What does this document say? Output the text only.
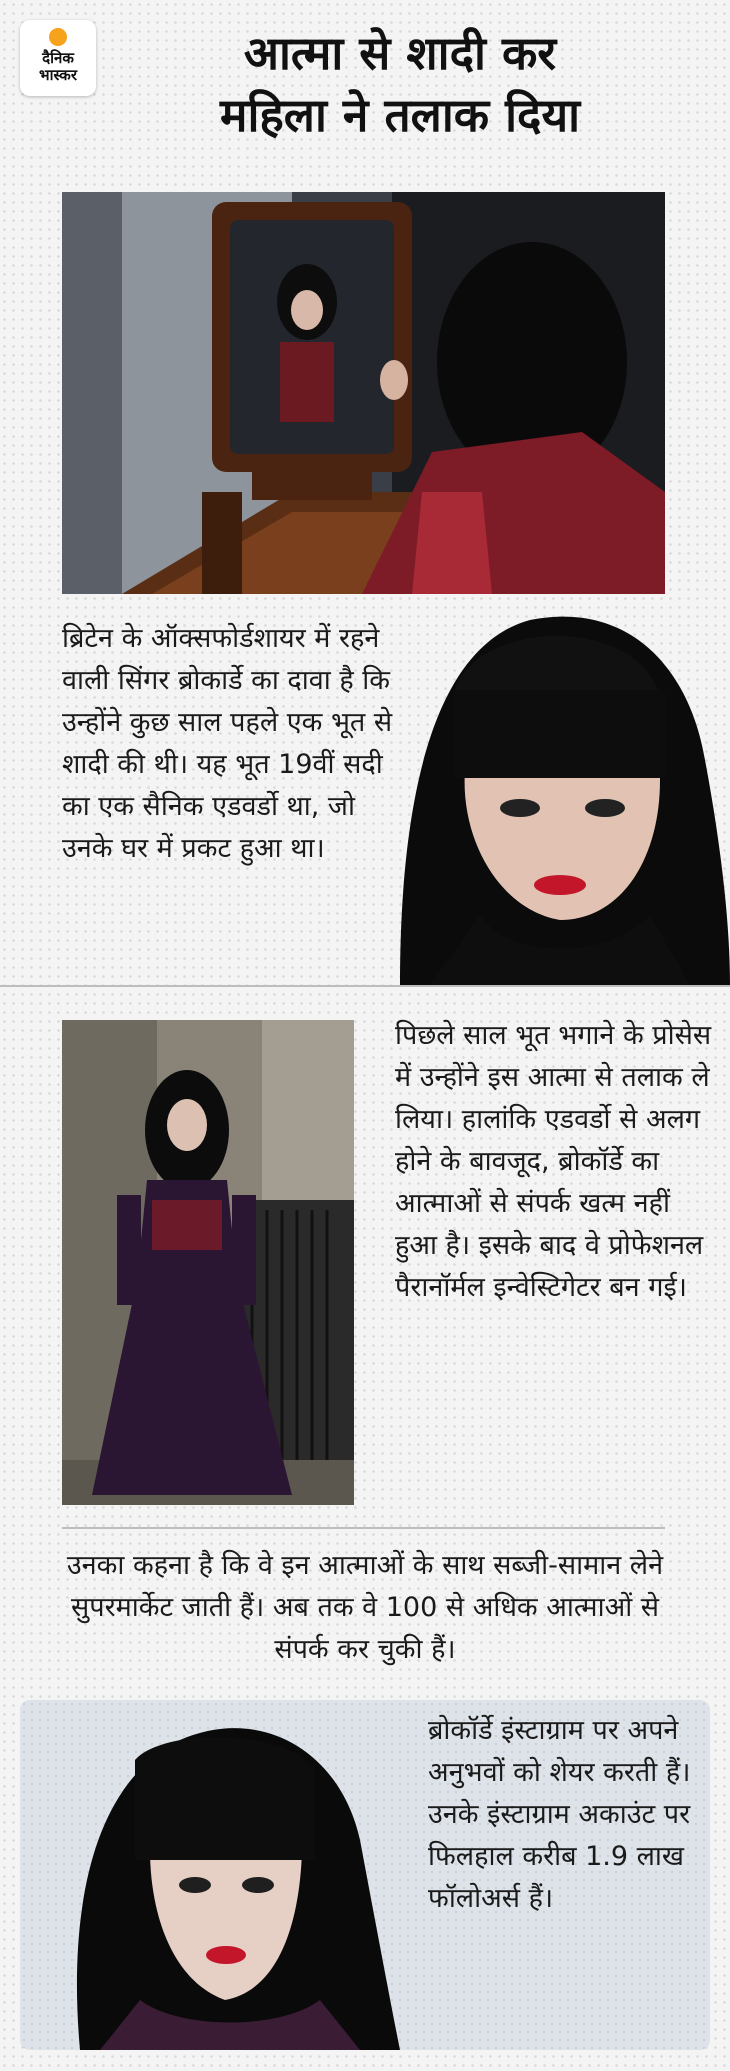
दैनिक
भास्कर	आत्मा से शादी कर
महिला ने तलाक दिया
ब्रिटेन के ऑक्सफोर्डशायर में रहने वाली सिंगर ब्रोकार्डे का दावा है कि उन्होंने कुछ साल पहले एक भूत से शादी की थी। यह भूत 19वीं सदी का एक सैनिक एडवर्डो था, जो उनके घर में प्रकट हुआ था।
पिछले साल भूत भगाने के प्रोसेस में उन्होंने इस आत्मा से तलाक ले लिया। हालांकि एडवर्डो से अलग होने के बावजूद, ब्रोकॉर्डे का आत्माओं से संपर्क खत्म नहीं हुआ है। इसके बाद वे प्रोफेशनल पैरानॉर्मल इन्वेस्टिगेटर बन गई।
उनका कहना है कि वे इन आत्माओं के साथ सब्जी-सामान लेने सुपरमार्केट जाती हैं। अब तक वे 100 से अधिक आत्माओं से संपर्क कर चुकी हैं।
ब्रोकॉर्डे इंस्टाग्राम पर अपने अनुभवों को शेयर करती हैं। उनके इंस्टाग्राम अकाउंट पर फिलहाल करीब 1.9 लाख फॉलोअर्स हैं।
